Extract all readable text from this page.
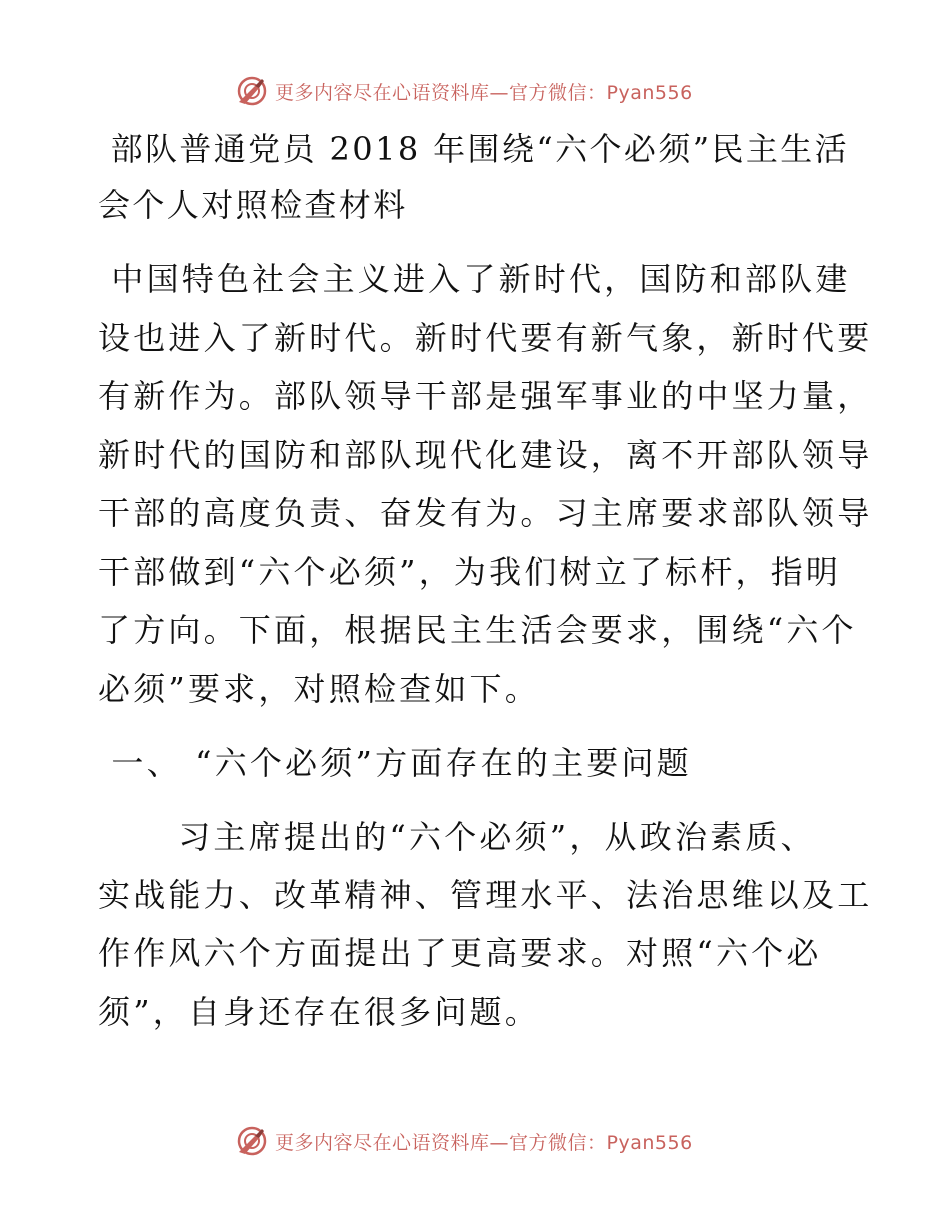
更多内容尽在心语资料库—官方微信：Pyan556
部队普通党员 2018 年围绕“六个必须”民主生活
会个人对照检查材料
中国特色社会主义进入了新时代，国防和部队建
设也进入了新时代。新时代要有新气象，新时代要
有新作为。部队领导干部是强军事业的中坚力量，
新时代的国防和部队现代化建设，离不开部队领导
干部的高度负责、奋发有为。习主席要求部队领导
干部做到“六个必须”，为我们树立了标杆，指明
了方向。下面，根据民主生活会要求，围绕“六个
必须”要求，对照检查如下。
一、 “六个必须”方面存在的主要问题
习主席提出的“六个必须”，从政治素质、
实战能力、改革精神、管理水平、法治思维以及工
作作风六个方面提出了更高要求。对照“六个必
须”，自身还存在很多问题。
更多内容尽在心语资料库—官方微信：Pyan556
